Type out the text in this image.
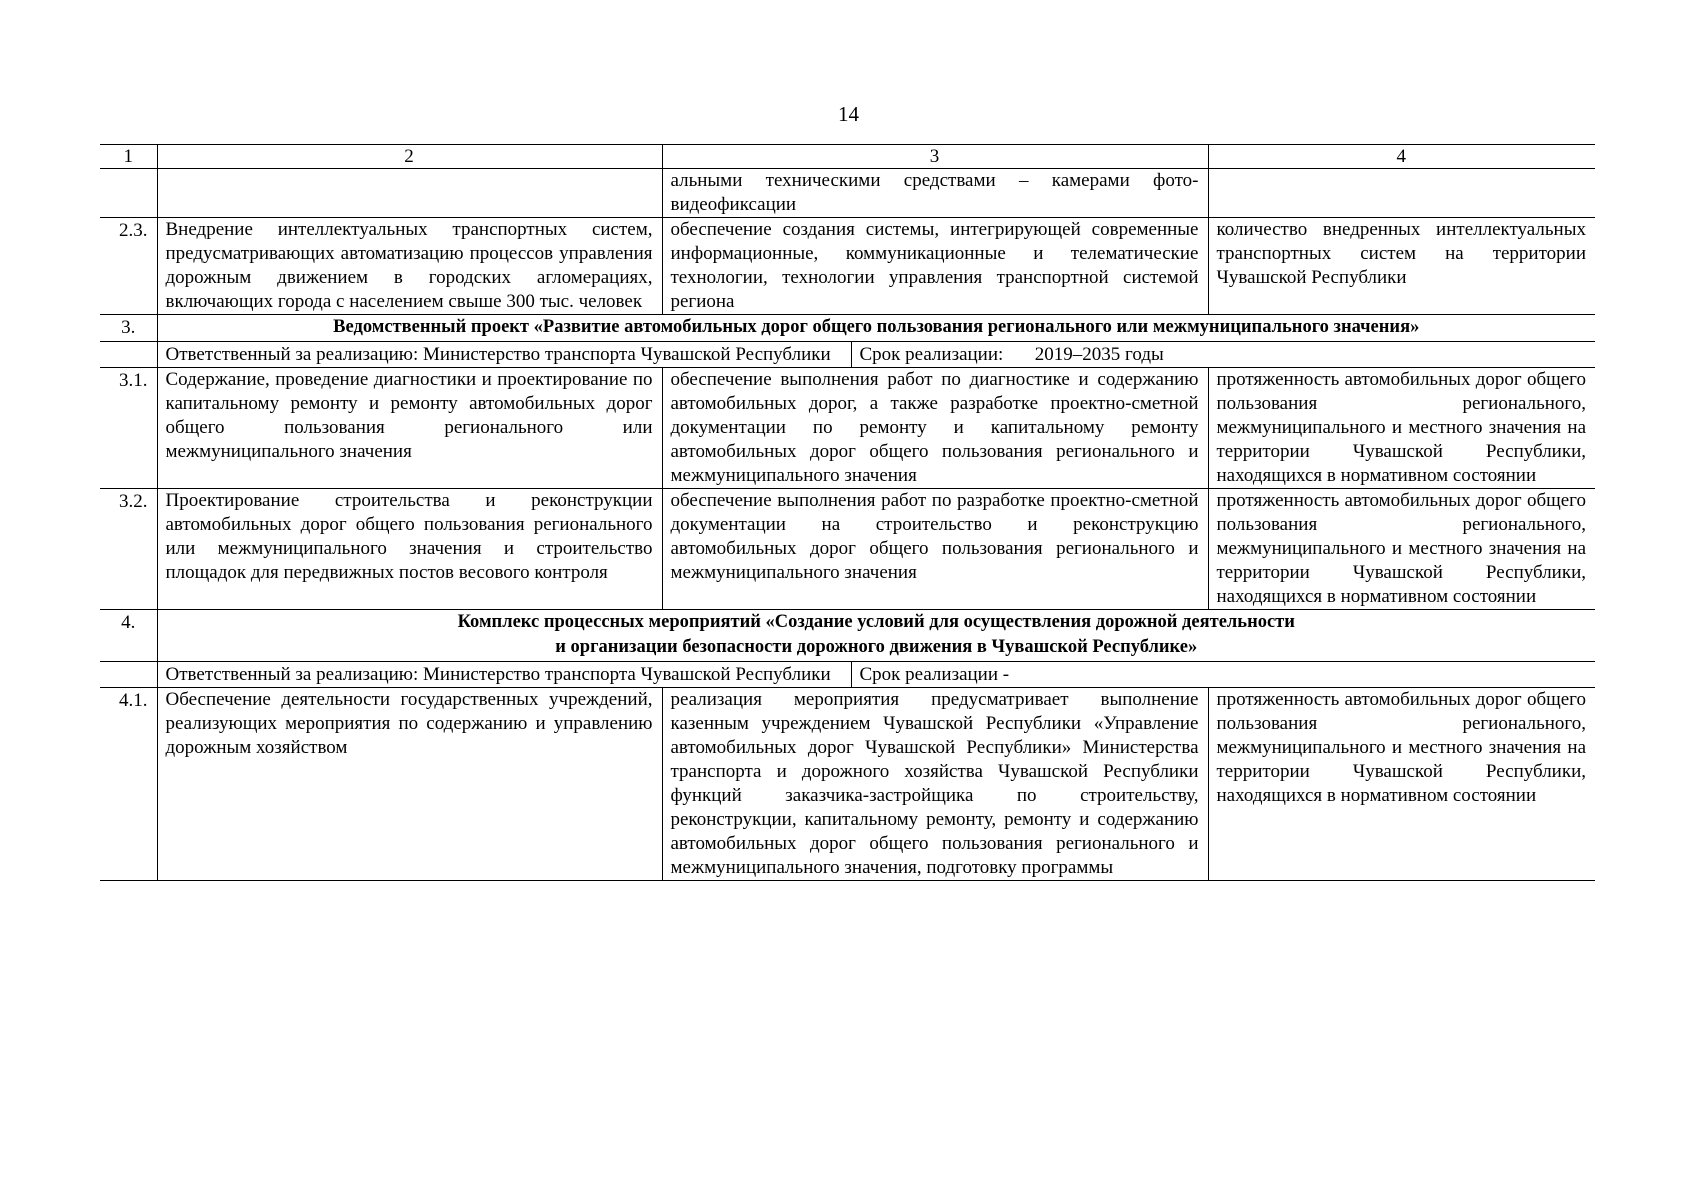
14
1	2	3		4
		альными техническими средствами – камерами фото-видеофиксации		
2.3.	Внедрение интеллектуальных транспортных систем, предусматривающих автоматизацию процессов управления дорожным движением в городских агломерациях, включающих города с населением свыше 300 тыс. человек	обеспечение создания системы, интегрирующей современные информационные, коммуникационные и телематические технологии, технологии управления транспортной системой региона		количество внедренных интеллектуальных транспортных систем на территории Чувашской Республики
3.	Ведомственный проект «Развитие автомобильных дорог общего пользования регионального или межмуниципального значения»			
	Ответственный за реализацию: Министерство транспорта Чувашской Республики		Срок реализации: 2019–2035 годы	
3.1.	Содержание, проведение диагностики и проектирование по капитальному ремонту и ремонту автомобильных дорог общего пользования регионального или межмуниципального значения	обеспечение выполнения работ по диагностике и содержанию автомобильных дорог, а также разработке проектно-сметной документации по ремонту и капитальному ремонту автомобильных дорог общего пользования регионального и межмуниципального значения		протяженность автомобильных дорог общего пользования регионального, межмуниципального и местного значения на территории Чувашской Республики, находящихся в нормативном состоянии
3.2.	Проектирование строительства и реконструкции автомобильных дорог общего пользования регионального или межмуниципального значения и строительство площадок для передвижных постов весового контроля	обеспечение выполнения работ по разработке проектно-сметной документации на строительство и реконструкцию автомобильных дорог общего пользования регионального и межмуниципального значения		протяженность автомобильных дорог общего пользования регионального, межмуниципального и местного значения на территории Чувашской Республики, находящихся в нормативном состоянии
4.	Комплекс процессных мероприятий «Создание условий для осуществления дорожной деятельности
и организации безопасности дорожного движения в Чувашской Республике»			

	Ответственный за реализацию: Министерство транспорта Чувашской Республики		Срок реализации -	
4.1.	Обеспечение деятельности государственных учреждений, реализующих мероприятия по содержанию и управлению дорожным хозяйством	реализация мероприятия предусматривает выполнение казенным учреждением Чувашской Республики «Управление автомобильных дорог Чувашской Республики» Министерства транспорта и дорожного хозяйства Чувашской Республики функций заказчика-застройщика по строительству, реконструкции, капитальному ремонту, ремонту и содержанию автомобильных дорог общего пользования регионального и межмуниципального значения, подготовку программы		протяженность автомобильных дорог общего пользования регионального, межмуниципального и местного значения на территории Чувашской Республики, находящихся в нормативном состоянии
